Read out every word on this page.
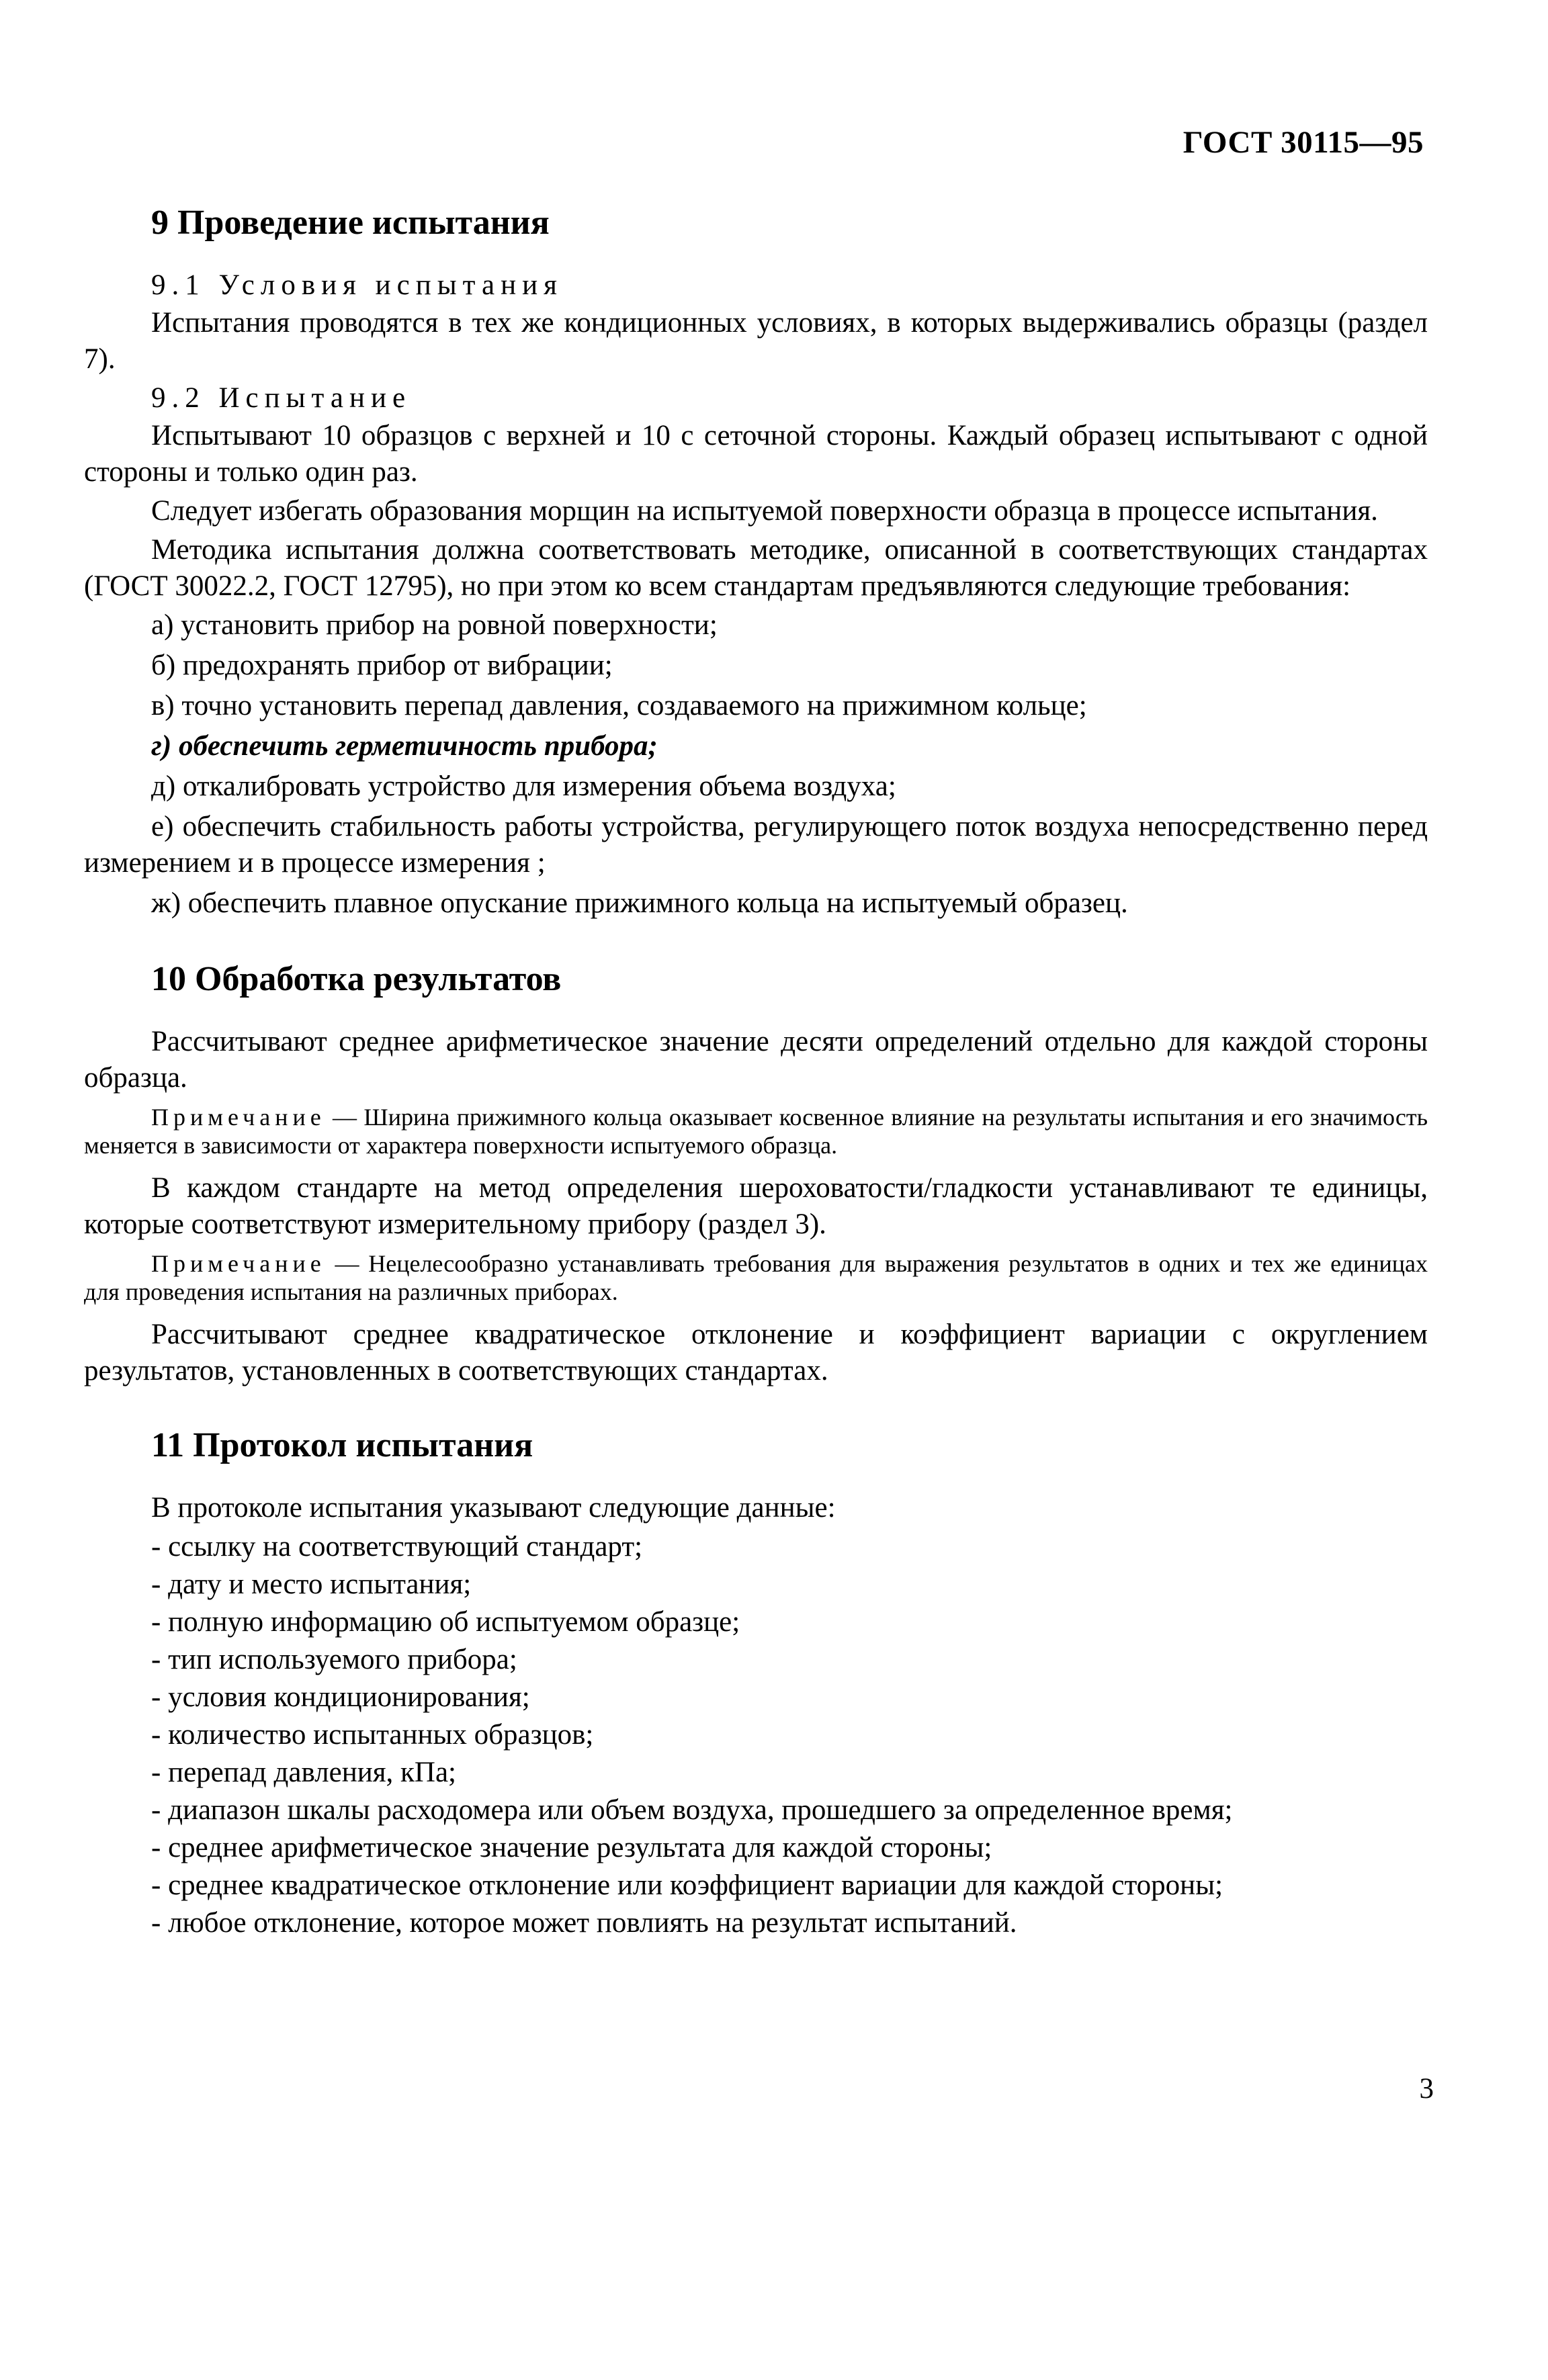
ГОСТ 30115—95
9 Проведение испытания
9.1 Условия испытания
Испытания проводятся в тех же кондиционных условиях, в которых выдерживались образцы (раздел 7).
9.2 Испытание
Испытывают 10 образцов с верхней и 10 с сеточной стороны. Каждый образец испытывают с одной стороны и только один раз.
Следует избегать образования морщин на испытуемой поверхности образца в процессе испытания.
Методика испытания должна соответствовать методике, описанной в соответствующих стандартах (ГОСТ 30022.2, ГОСТ 12795), но при этом ко всем стандартам предъявляются следующие требования:
а) установить прибор на ровной поверхности;
б) предохранять прибор от вибрации;
в) точно установить перепад давления, создаваемого на прижимном кольце;
г) обеспечить герметичность прибора;
д) откалибровать устройство для измерения объема воздуха;
е) обеспечить стабильность работы устройства, регулирующего поток воздуха непосредственно перед измерением и в процессе измерения ;
ж) обеспечить плавное опускание прижимного кольца на испытуемый образец.
10 Обработка результатов
Рассчитывают среднее арифметическое значение десяти определений отдельно для каждой стороны образца.
Примечание — Ширина прижимного кольца оказывает косвенное влияние на результаты испытания и его значимость меняется в зависимости от характера поверхности испытуемого образца.
В каждом стандарте на метод определения шероховатости/гладкости устанавливают те единицы, которые соответствуют измерительному прибору (раздел 3).
Примечание — Нецелесообразно устанавливать требования для выражения результатов в одних и тех же единицах для проведения испытания на различных приборах.
Рассчитывают среднее квадратическое отклонение и коэффициент вариации с округлением результатов, установленных в соответствующих стандартах.
11 Протокол испытания
В протоколе испытания указывают следующие данные:
- ссылку на соответствующий стандарт;
- дату и место испытания;
- полную информацию об испытуемом образце;
- тип используемого прибора;
- условия кондиционирования;
- количество испытанных образцов;
- перепад давления, кПа;
- диапазон шкалы расходомера или объем воздуха, прошедшего за определенное время;
- среднее арифметическое значение результата для каждой стороны;
- среднее квадратическое отклонение или коэффициент вариации для каждой стороны;
- любое отклонение, которое может повлиять на результат испытаний.
3
